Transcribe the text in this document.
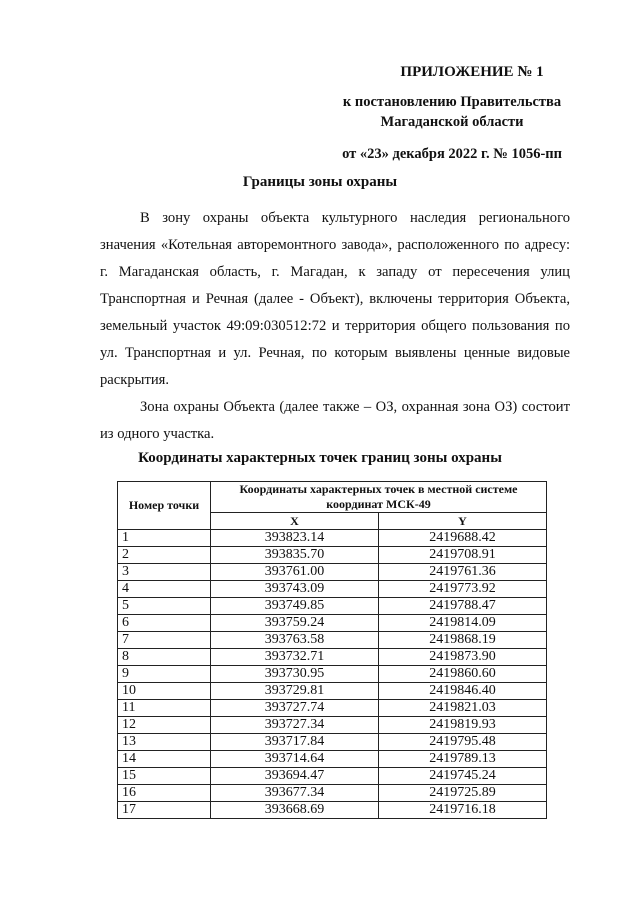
ПРИЛОЖЕНИЕ № 1
к постановлению Правительства
Магаданской области
от «23» декабря 2022 г. № 1056-пп
Границы зоны охраны
В зону охраны объекта культурного наследия регионального значения «Котельная авторемонтного завода», расположенного по адресу: г. Магаданская область, г. Магадан, к западу от пересечения улиц Транспортная и Речная (далее - Объект), включены территория Объекта, земельный участок 49:09:030512:72 и территория общего пользования по ул. Транспортная и ул. Речная, по которым выявлены ценные видовые раскрытия.
Зона охраны Объекта (далее также – ОЗ, охранная зона ОЗ) состоит из одного участка.
Координаты характерных точек границ зоны охраны
Номер точки	Координаты характерных точек в местной системе координат МСК-49	
	X	Y
1	393823.14	2419688.42
2	393835.70	2419708.91
3	393761.00	2419761.36
4	393743.09	2419773.92
5	393749.85	2419788.47
6	393759.24	2419814.09
7	393763.58	2419868.19
8	393732.71	2419873.90
9	393730.95	2419860.60
10	393729.81	2419846.40
11	393727.74	2419821.03
12	393727.34	2419819.93
13	393717.84	2419795.48
14	393714.64	2419789.13
15	393694.47	2419745.24
16	393677.34	2419725.89
17	393668.69	2419716.18
